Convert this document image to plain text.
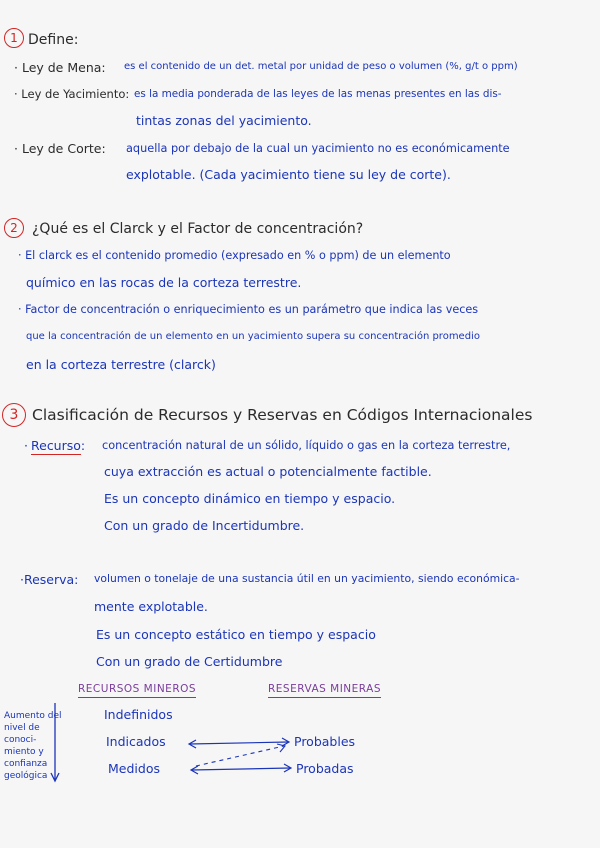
1 Define:
· Ley de Mena: es el contenido de un det. metal por unidad de peso o volumen (%, g/t o ppm)
· Ley de Yacimiento: es la media ponderada de las leyes de las menas presentes en las dis-
tintas zonas del yacimiento.
· Ley de Corte: aquella por debajo de la cual un yacimiento no es económicamente
explotable. (Cada yacimiento tiene su ley de corte).
2 ¿Qué es el Clarck y el Factor de concentración?
· El clarck es el contenido promedio (expresado en % o ppm) de un elemento
químico en las rocas de la corteza terrestre.
· Factor de concentración o enriquecimiento es un parámetro que indica las veces
que la concentración de un elemento en un yacimiento supera su concentración promedio
en la corteza terrestre (clarck)
3 Clasificación de Recursos y Reservas en Códigos Internacionales
· Recurso: concentración natural de un sólido, líquido o gas en la corteza terrestre,
cuya extracción es actual o potencialmente factible.
Es un concepto dinámico en tiempo y espacio.
Con un grado de Incertidumbre.
·Reserva: volumen o tonelaje de una sustancia útil en un yacimiento, siendo económica-
mente explotable.
Es un concepto estático en tiempo y espacio
Con un grado de Certidumbre
RECURSOS MINEROS	RESERVAS MINERAS
Aumento del nivel de conoci-miento y confianza geológica
Indefinidos
Indicados
Medidos
Probables
Probadas
